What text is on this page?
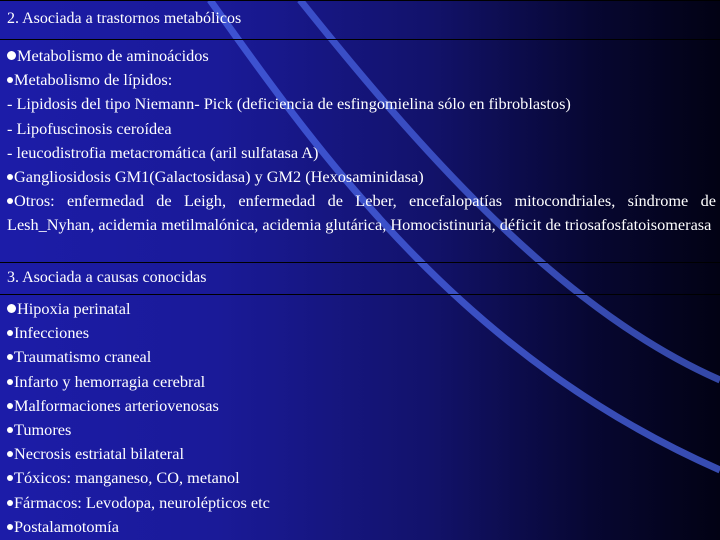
2. Asociada a trastornos metabólicos
Metabolismo de aminoácidos
Metabolismo de lípidos:
- Lipidosis del tipo Niemann- Pick (deficiencia de esfingomielina sólo en fibroblastos)
- Lipofuscinosis ceroídea
- leucodistrofia metacromática (aril sulfatasa A)
Gangliosidosis GM1(Galactosidasa) y GM2 (Hexosaminidasa)
Otros: enfermedad de Leigh, enfermedad de Leber, encefalopatías mitocondriales, síndrome de Lesh_Nyhan, acidemia metilmalónica, acidemia glutárica, Homocistinuria, déficit de triosafosfatoisomerasa
3. Asociada a causas conocidas
Hipoxia perinatal
Infecciones
Traumatismo craneal
Infarto y hemorragia cerebral
Malformaciones arteriovenosas
Tumores
Necrosis estriatal bilateral
Tóxicos: manganeso, CO, metanol
Fármacos: Levodopa, neurolépticos etc
Postalamotomía
